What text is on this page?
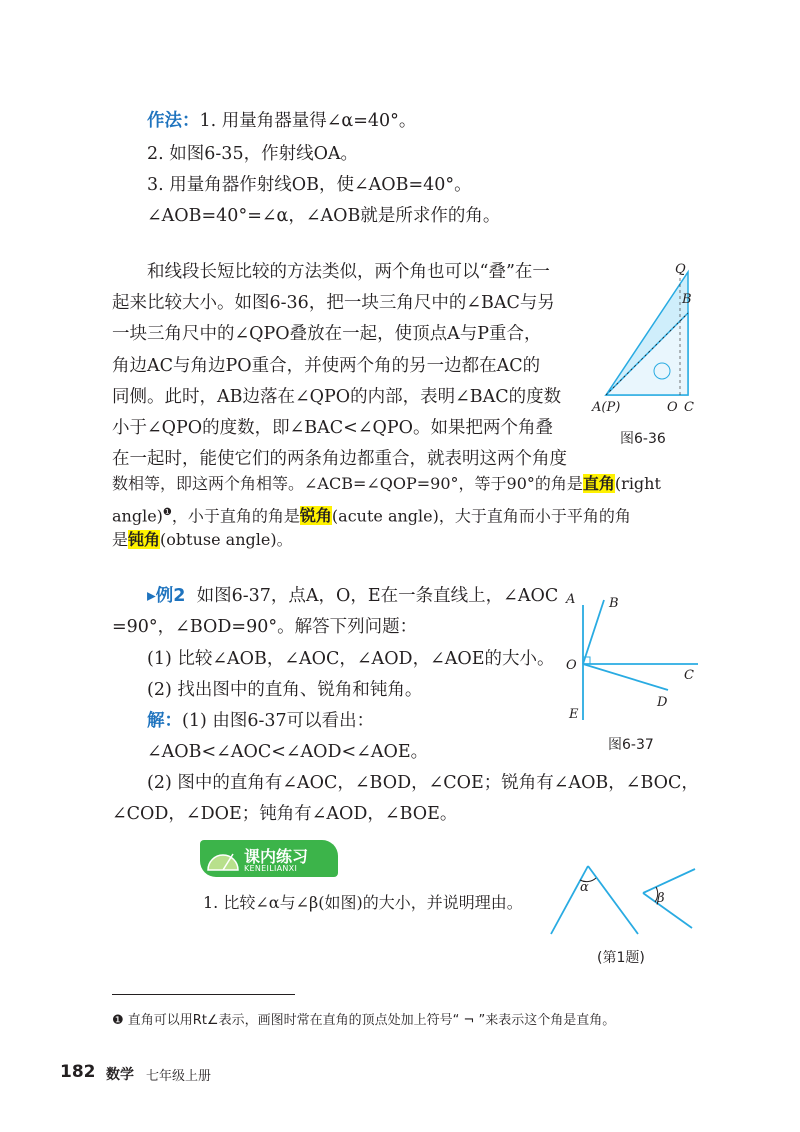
作法：1. 用量角器量得∠α=40°。
2. 如图6-35，作射线OA。
3. 用量角器作射线OB，使∠AOB=40°。
∠AOB=40°=∠α，∠AOB就是所求作的角。
和线段长短比较的方法类似，两个角也可以“叠”在一
起来比较大小。如图6-36，把一块三角尺中的∠BAC与另
一块三角尺中的∠QPO叠放在一起，使顶点A与P重合，
角边AC与角边PO重合，并使两个角的另一边都在AC的
同侧。此时，AB边落在∠QPO的内部，表明∠BAC的度数
小于∠QPO的度数，即∠BAC<∠QPO。如果把两个角叠
在一起时，能使它们的两条角边都重合，就表明这两个角度
数相等，即这两个角相等。∠ACB=∠QOP=90°，等于90°的角是直角(right
angle)$^❶$，小于直角的角是锐角(acute angle)，大于直角而小于平角的角
是钝角(obtuse angle)。
Q
B
A(P)	O C
图6-36
▸例2 如图6-37，点A，O，E在一条直线上，∠AOC
=90°，∠BOD=90°。解答下列问题：
(1) 比较∠AOB，∠AOC，∠AOD，∠AOE的大小。
(2) 找出图中的直角、锐角和钝角。
解：(1) 由图6-37可以看出：
∠AOB<∠AOC<∠AOD<∠AOE。
(2) 图中的直角有∠AOC，∠BOD，∠COE；锐角有∠AOB，∠BOC，
∠COD，∠DOE；钝角有∠AOD，∠BOE。
A	B
O
C
D
E
图6-37
课内练习
KENEILIANXI
1. 比较∠α与∠β(如图)的大小，并说明理由。
α
β
(第1题)
❶ 直角可以用Rt∠表示，画图时常在直角的顶点处加上符号“ ¬ ”来表示这个角是直角。
182 数学 七年级上册
